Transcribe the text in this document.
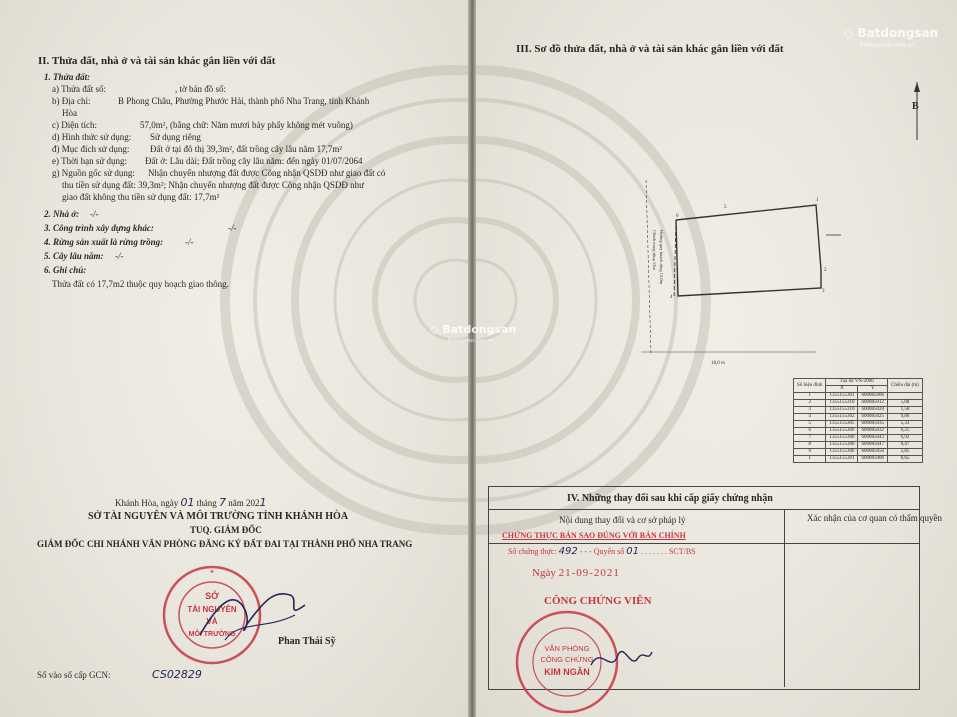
II. Thửa đất, nhà ở và tài sản khác gắn liền với đất
1. Thửa đất:
a) Thửa đất số:	, tờ bản đồ số:
b) Địa chỉ:	B Phong Châu, Phường Phước Hải, thành phố Nha Trang, tỉnh Khánh
Hòa
c) Diện tích:	57,0m², (bằng chữ: Năm mươi bảy phẩy không mét vuông)
d) Hình thức sử dụng: Sử dụng riêng
đ) Mục đích sử dụng: Đất ở tại đô thị 39,3m², đất trồng cây lâu năm 17,7m²
e) Thời hạn sử dụng: Đất ở: Lâu dài; Đất trồng cây lâu năm: đến ngày 01/07/2064
g) Nguồn gốc sử dụng: Nhận chuyển nhượng đất được Công nhận QSDĐ như giao đất có
thu tiền sử dụng đất: 39,3m²; Nhận chuyển nhượng đất được Công nhận QSDĐ như
giao đất không thu tiền sử dụng đất: 17,7m²
2. Nhà ở: -/-
3. Công trình xây dựng khác:	-/-
4. Rừng sản xuất là rừng trồng: -/-
5. Cây lâu năm: -/-
6. Ghi chú:
Thửa đất có 17,7m2 thuộc quy hoạch giao thông.
Khánh Hòa, ngày 01 tháng 7 năm 2021
SỞ TÀI NGUYÊN VÀ MÔI TRƯỜNG TỈNH KHÁNH HÒA
TUQ. GIÁM ĐỐC
GIÁM ĐỐC CHI NHÁNH VĂN PHÒNG ĐĂNG KÝ ĐẤT ĐAI TẠI THÀNH PHỐ NHA TRANG
SỞ
TÀI NGUYÊN
VÀ
MÔI TRƯỜNG
★
Phan Thái Sỹ
Số vào sổ cấp GCN:	CS02829
III. Sơ đồ thửa đất, nhà ở và tài sản khác gắn liền với đất
B
6
5
1
2
3
4
18,0 m
Đường quy hoạch rộng 13,0m
Chỉnh trang rộng 13m
Số hiệu đỉnh	Tọa độ VN-2000		Chiều dài (m)
	X	Y	
1	1355155301	600085006	
2	1355155310	600085012	5,08
3	1355155310	600085020	1,58
4	1355155302	600085025	9,86
5	1355155305	600085035	5,33
6	1355155306	600085032	0,25
7	1355155306	600085043	6,92
8	1355155306	600085047	0,47
9	1355155306	600085050	2,85
1	1355155301	600085006	8,65
IV. Những thay đổi sau khi cấp giấy chứng nhận
Nội dung thay đổi và cơ sở pháp lý	Xác nhận của cơ quan có thẩm quyền
CHỨNG THỰC BẢN SAO ĐÚNG VỚI BẢN CHÍNH
Số chứng thực: 492 - - - Quyển số 01 . . . . . . . SCT/BS
Ngày 21-09-2021
CÔNG CHỨNG VIÊN
VĂN PHÒNG
CÔNG CHỨNG
KIM NGÂN
◇ Batdongsan
Enterprise.com.vn
◇ Batdongsan
Enterprise.com.vn
